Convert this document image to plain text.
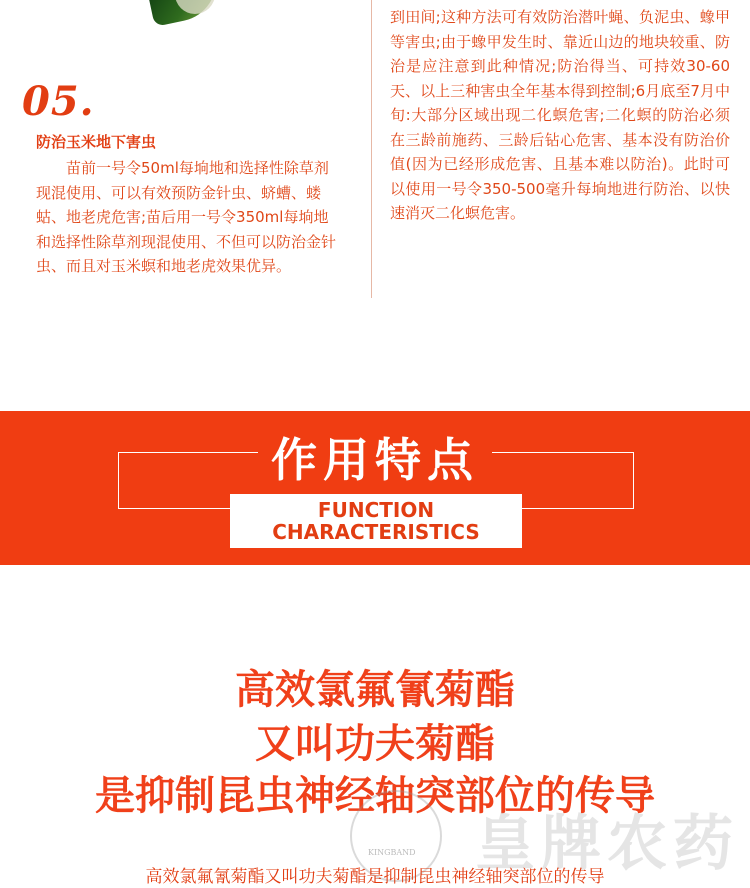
05.
防治玉米地下害虫

苗前一号令50ml每垧地和选择性除草剂现混使用、可以有效预防金针虫、蛴螬、蝼蛄、地老虎危害;苗后用一号令350ml每垧地和选择性除草剂现混使用、不但可以防治金针虫、而且对玉米螟和地老虎效果优异。

到田间;这种方法可有效防治潜叶蝇、负泥虫、蟓甲等害虫;由于蟓甲发生时、靠近山边的地块较重、防治是应注意到此种情况;防治得当、可持效30-60天、以上三种害虫全年基本得到控制;6月底至7月中旬:大部分区域出现二化螟危害;二化螟的防治必须在三龄前施药、三龄后钻心危害、基本没有防治价值(因为已经形成危害、且基本难以防治)。此时可以使用一号令350-500毫升每垧地进行防治、以快速消灭二化螟危害。

作用特点
FUNCTION
CHARACTERISTICS
高效氯氟氰菊酯
又叫功夫菊酯
是抑制昆虫神经轴突部位的传导
KINGBAND 皇牌农药
高效氯氟氰菊酯又叫功夫菊酯是抑制昆虫神经轴突部位的传导
